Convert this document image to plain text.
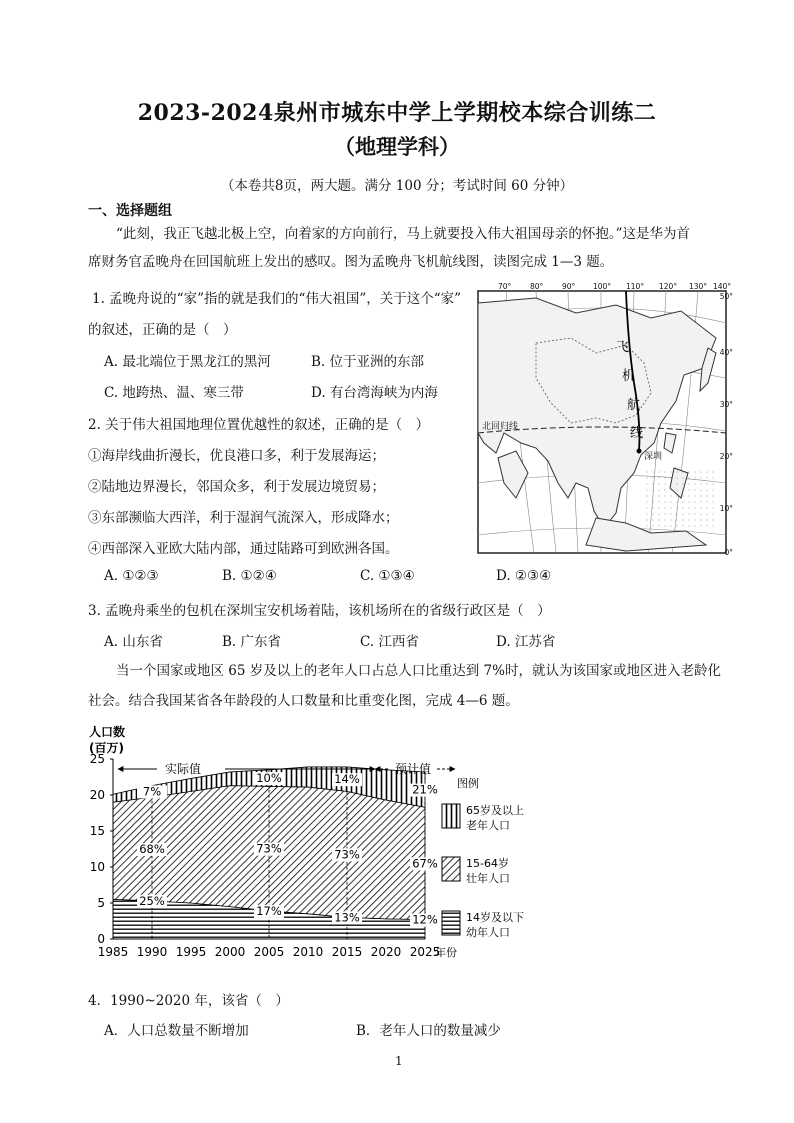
2023-2024泉州市城东中学上学期校本综合训练二
（地理学科）
（本卷共8页，两大题。满分 100 分；考试时间 60 分钟）
一、选择题组
“此刻，我正飞越北极上空，向着家的方向前行，马上就要投入伟大祖国母亲的怀抱。”这是华为首
席财务官孟晚舟在回国航班上发出的感叹。图为孟晚舟飞机航线图，读图完成 1—3 题。
1. 孟晚舟说的“家”指的就是我们的“伟大祖国”，关于这个“家”
的叙述，正确的是（　）
A. 最北端位于黑龙江的黑河	B. 位于亚洲的东部
C. 地跨热、温、寒三带	D. 有台湾海峡为内海
2. 关于伟大祖国地理位置优越性的叙述，正确的是（　）
①海岸线曲折漫长，优良港口多，利于发展海运；
②陆地边界漫长，邻国众多，利于发展边境贸易；
③东部濒临大西洋，利于湿润气流深入，形成降水；
④西部深入亚欧大陆内部，通过陆路可到欧洲各国。
A. ①②③	B. ①②④	C. ①③④	D. ②③④
3. 孟晚舟乘坐的包机在深圳宝安机场着陆，该机场所在的省级行政区是（　）
A. 山东省	B. 广东省	C. 江西省	D. 江苏省
当一个国家或地区 65 岁及以上的老年人口占总人口比重达到 7%时，就认为该国家或地区进入老龄化
社会。结合我国某省各年龄段的人口数量和比重变化图，完成 4—6 题。
北回归线
深圳
飞
机
航
线
70° 80° 90° 100° 110° 120° 130° 140°
50°
40°
30°
20°
10°
0°
人口数
(百万)
0
5
10
15
20
25
1985 1990 1995 2000 2005 2010 2015 2020 2025
年份
25%
68%
7%
17%
73%
10%
13%
73%
14%
12%
67%
21%
实际值	预计值
图例
65岁及以上
老年人口
15-64岁
壮年人口
14岁及以下
幼年人口
4．1990~2020 年，该省（　）
A．人口总数量不断增加	B．老年人口的数量减少
1
